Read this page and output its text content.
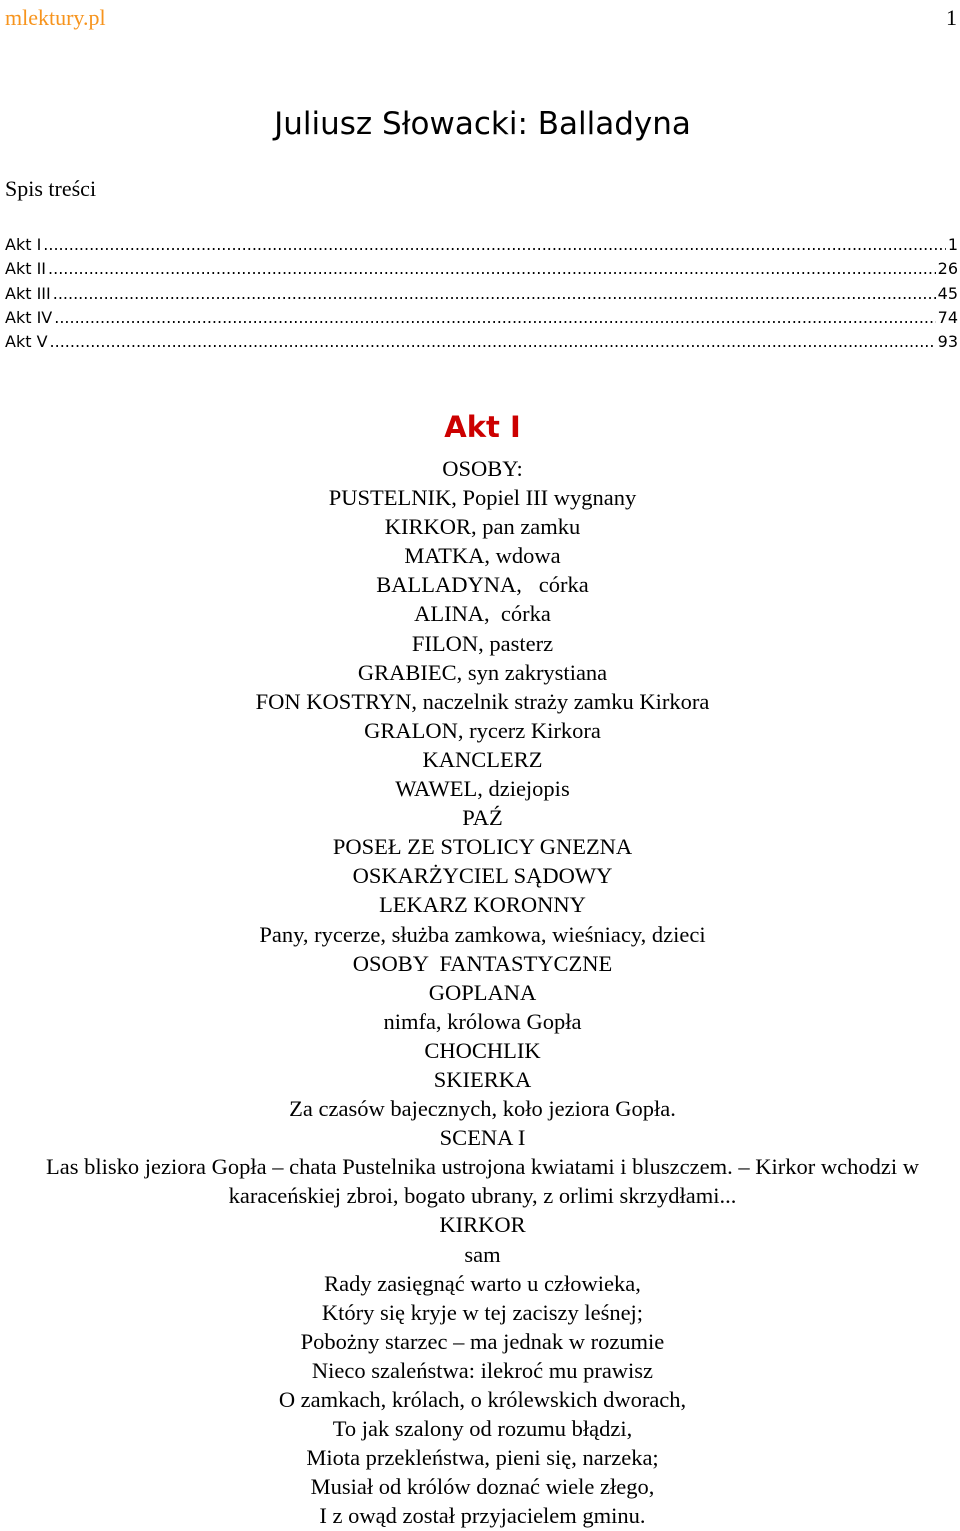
mlektury.pl	1
Juliusz Słowacki: Balladyna
Spis treści
Akt I .....	1
Akt II .....	26
Akt III .....	45
Akt IV .....	74
Akt V .....	93
Akt I
OSOBY:
PUSTELNIK, Popiel III wygnany
KIRKOR, pan zamku
MATKA, wdowa
BALLADYNA,   córka
ALINA,  córka
FILON, pasterz
GRABIEC, syn zakrystiana
FON KOSTRYN, naczelnik straży zamku Kirkora
GRALON, rycerz Kirkora
KANCLERZ
WAWEL, dziejopis
PAŹ
POSEŁ ZE STOLICY GNEZNA
OSKARŻYCIEL SĄDOWY
LEKARZ KORONNY
Pany, rycerze, służba zamkowa, wieśniacy, dzieci
OSOBY  FANTASTYCZNE
GOPLANA
nimfa, królowa Gopła
CHOCHLIK
SKIERKA
Za czasów bajecznych, koło jeziora Gopła.
SCENA I
Las blisko jeziora Gopła – chata Pustelnika ustrojona kwiatami i bluszczem. – Kirkor wchodzi w karaceńskiej zbroi, bogato ubrany, z orlimi skrzydłami...
KIRKOR
sam
Rady zasięgnąć warto u człowieka,
Który się kryje w tej zaciszy leśnej;
Pobożny starzec – ma jednak w rozumie
Nieco szaleństwa: ilekroć mu prawisz
O zamkach, królach, o królewskich dworach,
To jak szalony od rozumu błądzi,
Miota przekleństwa, pieni się, narzeka;
Musiał od królów doznać wiele złego,
I z owąd został przyjacielem gminu.
